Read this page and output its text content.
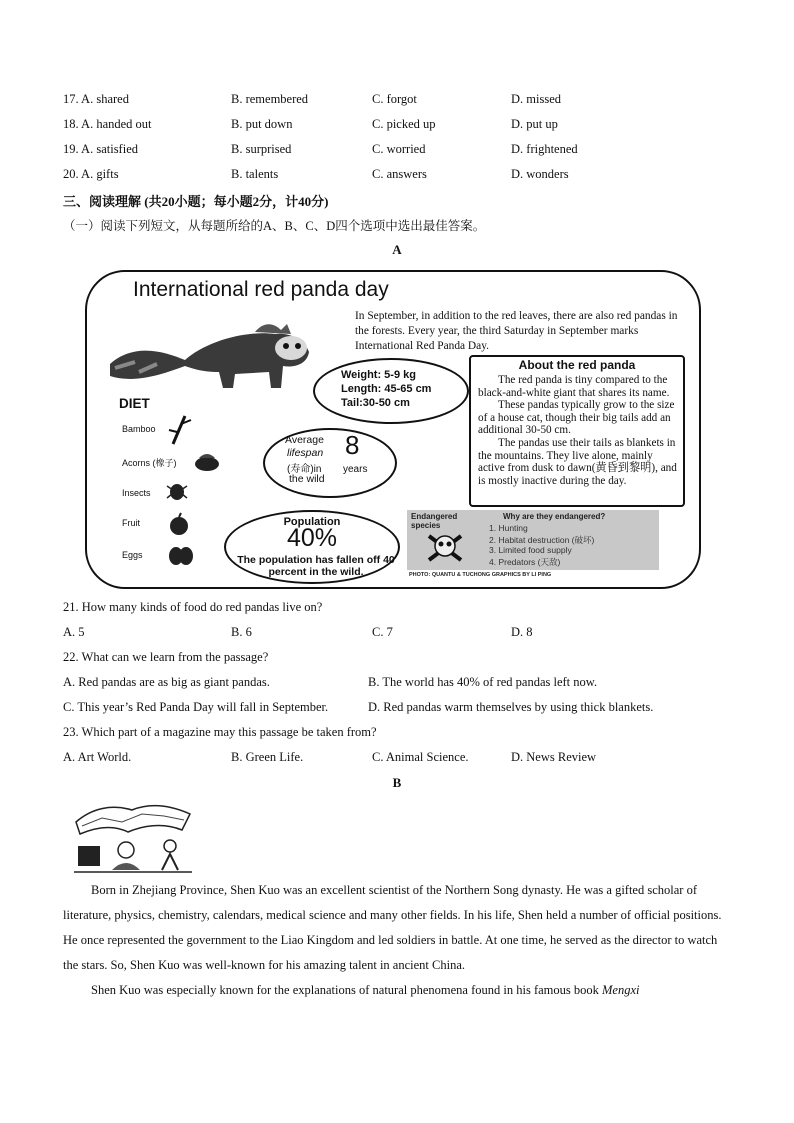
17. A. shared	B. remembered	C. forgot	D. missed
18. A. handed out	B. put down	C. picked up	D. put up
19. A. satisfied	B. surprised	C. worried	D. frightened
20. A. gifts	B. talents	C. answers	D. wonders
三、阅读理解 (共20小题；每小题2分，计40分)
（一）阅读下列短文，从每题所给的A、B、C、D四个选项中选出最佳答案。
A
International red panda day
In September, in addition to the red leaves, there are also red pandas in the forests. Every year, the third Saturday in September marks International Red Panda Day.
Weight: 5-9 kg
Length: 45-65 cm
Tail:30-50 cm
About the red panda

The red panda is tiny compared to the black-and-white giant that shares its name.

These pandas typically grow to the size of a house cat, though their big tails add an additional 30-50 cm.

The pandas use their tails as blankets in the mountains. They live alone, mainly active from dusk to dawn(黄昏到黎明), and is mostly inactive during the day.

DIET
Bamboo
Acorns (橡子)
Insects
Fruit
Eggs
Average
lifespan
(寿命)in
the wild
8
years
Population
40%
The population has fallen off 40 percent in the wild.
Endangered species
Why are they endangered?
1. Hunting
2. Habitat destruction (破坏)
3. Limited food supply
4. Predators (天敌)
PHOTO: QUANTU & TUCHONG GRAPHICS BY LI PING
21. How many kinds of food do red pandas live on?
A. 5	B. 6	C. 7	D. 8
22. What can we learn from the passage?
A. Red pandas are as big as giant pandas.	B. The world has 40% of red pandas left now.
C. This year’s Red Panda Day will fall in September.	D. Red pandas warm themselves by using thick blankets.
23. Which part of a magazine may this passage be taken from?
A. Art World.	B. Green Life.	C. Animal Science.	D. News Review
B

Born in Zhejiang Province, Shen Kuo was an excellent scientist of the Northern Song dynasty. He was a gifted scholar of literature, physics, chemistry, calendars, medical science and many other fields. In his life, Shen held a number of official positions. He once represented the government to the Liao Kingdom and led soldiers in battle. At one time, he served as the director to watch the stars. So, Shen Kuo was well-known for his amazing talent in ancient China.

Shen Kuo was especially known for the explanations of natural phenomena found in his famous book Mengxi
